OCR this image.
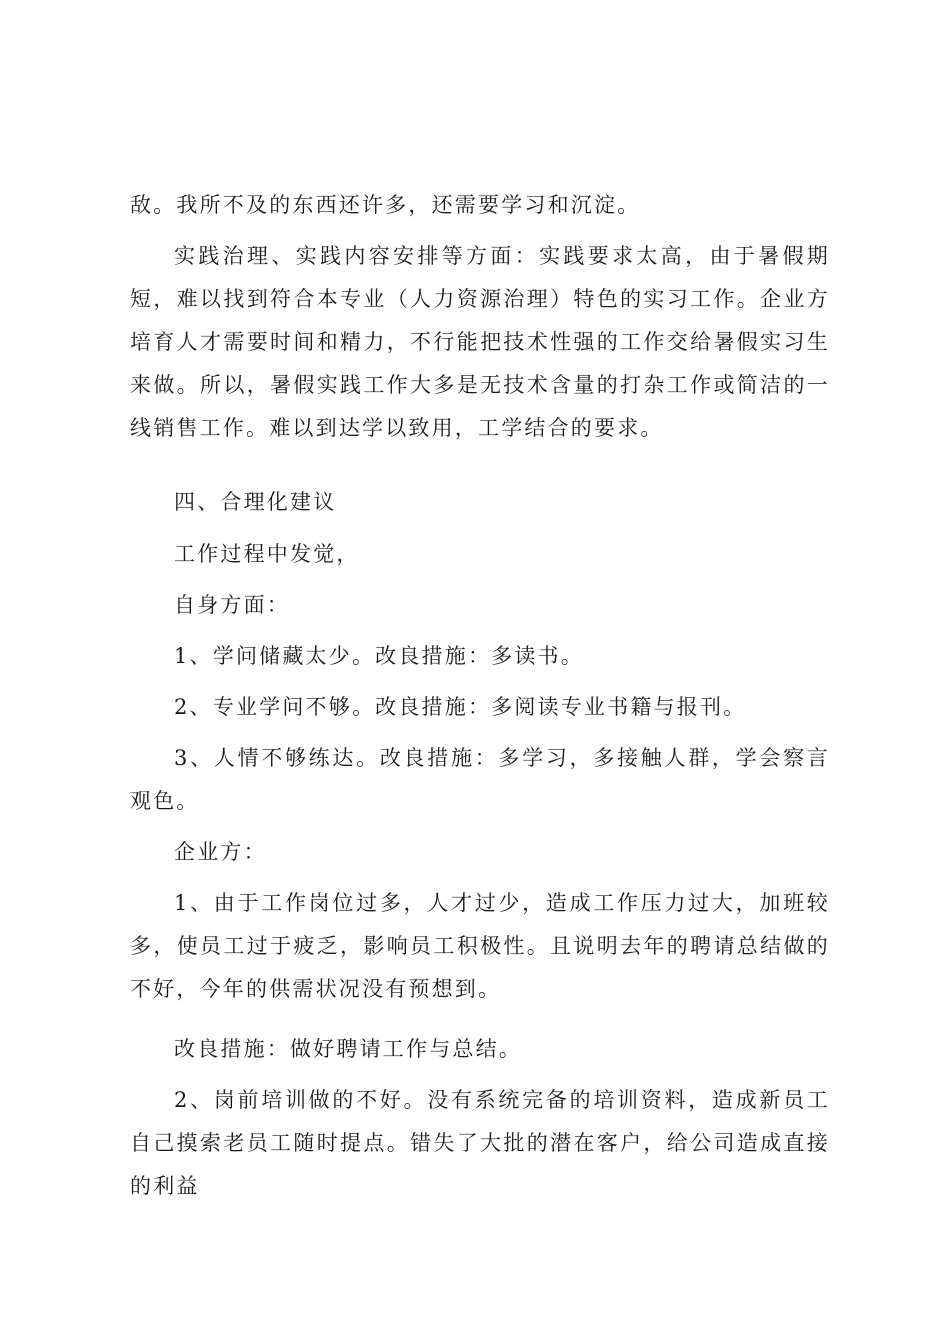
敌。我所不及的东西还许多，还需要学习和沉淀。

实践治理、实践内容安排等方面：实践要求太高，由于暑假期短，难以找到符合本专业（人力资源治理）特色的实习工作。企业方培育人才需要时间和精力，不行能把技术性强的工作交给暑假实习生来做。所以，暑假实践工作大多是无技术含量的打杂工作或简洁的一线销售工作。难以到达学以致用，工学结合的要求。

四、合理化建议

工作过程中发觉，

自身方面：

1、学问储藏太少。改良措施：多读书。

2、专业学问不够。改良措施：多阅读专业书籍与报刊。

3、人情不够练达。改良措施：多学习，多接触人群，学会察言观色。

企业方：

1、由于工作岗位过多，人才过少，造成工作压力过大，加班较多，使员工过于疲乏，影响员工积极性。且说明去年的聘请总结做的不好，今年的供需状况没有预想到。

改良措施：做好聘请工作与总结。

2、岗前培训做的不好。没有系统完备的培训资料，造成新员工自己摸索老员工随时提点。错失了大批的潜在客户，给公司造成直接的利益
